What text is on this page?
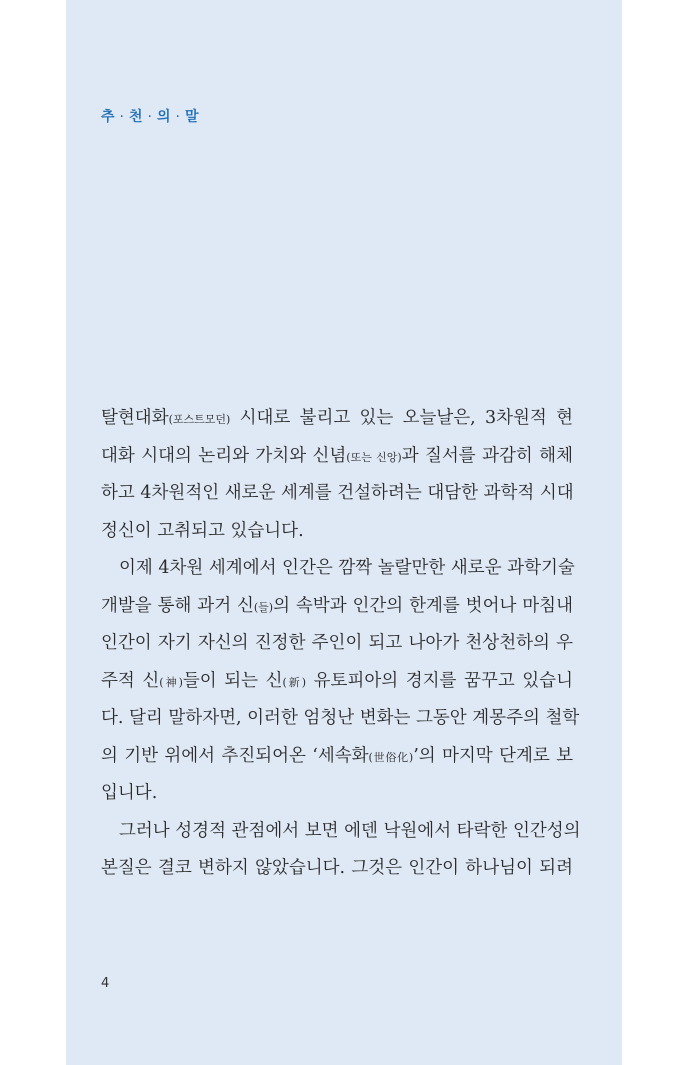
추 · 천 · 의 · 말
탈현대화(포스트모던) 시대로 불리고 있는 오늘날은, 3차원적 현
대화 시대의 논리와 가치와 신념(또는 신앙)과 질서를 과감히 해체
하고 4차원적인 새로운 세계를 건설하려는 대담한 과학적 시대
정신이 고취되고 있습니다.
이제 4차원 세계에서 인간은 깜짝 놀랄만한 새로운 과학기술
개발을 통해 과거 신(들)의 속박과 인간의 한계를 벗어나 마침내
인간이 자기 자신의 진정한 주인이 되고 나아가 천상천하의 우
주적 신(神)들이 되는 신(新) 유토피아의 경지를 꿈꾸고 있습니
다. 달리 말하자면, 이러한 엄청난 변화는 그동안 계몽주의 철학
의 기반 위에서 추진되어온 ‘세속화(世俗化)’의 마지막 단계로 보
입니다.
그러나 성경적 관점에서 보면 에덴 낙원에서 타락한 인간성의
본질은 결코 변하지 않았습니다. 그것은 인간이 하나님이 되려
4
